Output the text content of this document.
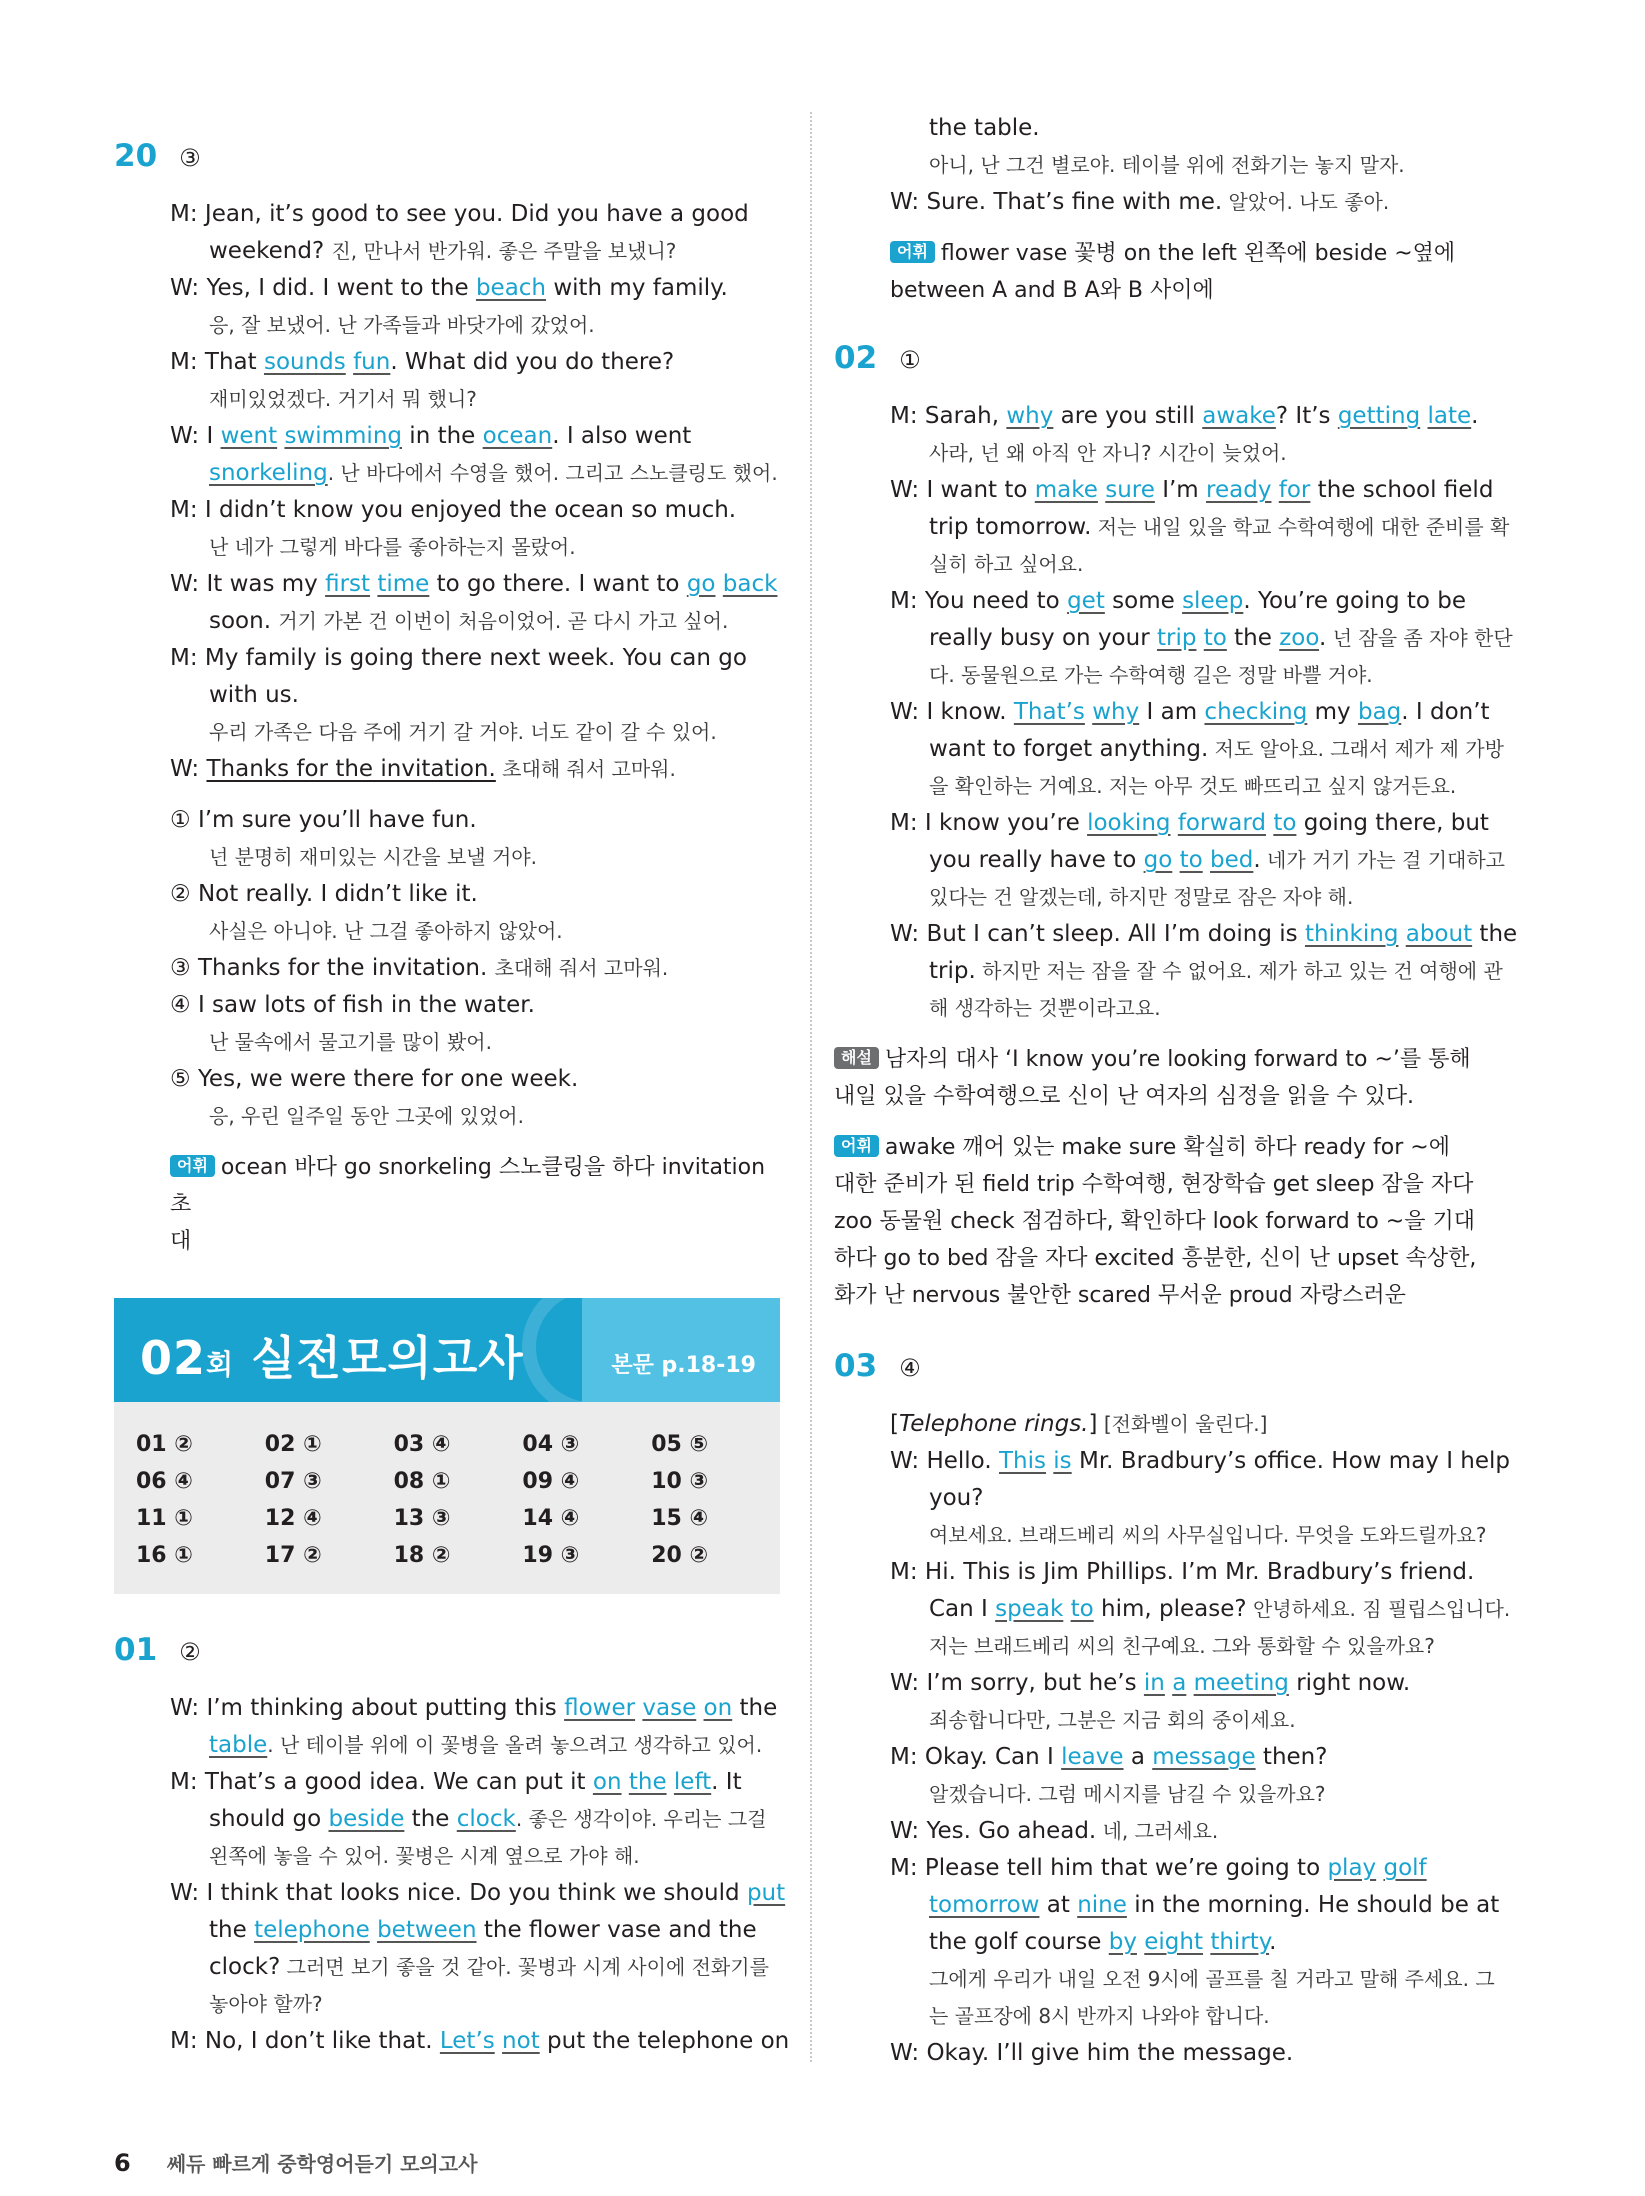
20 ③
M: Jean, it’s good to see you. Did you have a good
weekend? 진, 만나서 반가워. 좋은 주말을 보냈니?
W: Yes, I did. I went to the beach with my family.
응, 잘 보냈어. 난 가족들과 바닷가에 갔었어.
M: That sounds fun. What did you do there?
재미있었겠다. 거기서 뭐 했니?
W: I went swimming in the ocean. I also went
snorkeling. 난 바다에서 수영을 했어. 그리고 스노클링도 했어.
M: I didn’t know you enjoyed the ocean so much.
난 네가 그렇게 바다를 좋아하는지 몰랐어.
W: It was my first time to go there. I want to go back
soon. 거기 가본 건 이번이 처음이었어. 곧 다시 가고 싶어.
M: My family is going there next week. You can go
with us.
우리 가족은 다음 주에 거기 갈 거야. 너도 같이 갈 수 있어.
W: Thanks for the invitation. 초대해 줘서 고마워.
① I’m sure you’ll have fun.
넌 분명히 재미있는 시간을 보낼 거야.
② Not really. I didn’t like it.
사실은 아니야. 난 그걸 좋아하지 않았어.
③ Thanks for the invitation. 초대해 줘서 고마워.
④ I saw lots of fish in the water.
난 물속에서 물고기를 많이 봤어.
⑤ Yes, we were there for one week.
응, 우린 일주일 동안 그곳에 있었어.
어휘 ocean 바다 go snorkeling 스노클링을 하다 invitation 초
대
02회 실전모의고사	본문 p.18-19
01 ②	02 ①	03 ④	04 ③	05 ⑤
06 ④	07 ③	08 ①	09 ④	10 ③
11 ①	12 ④	13 ③	14 ④	15 ④
16 ①	17 ②	18 ②	19 ③	20 ②
01 ②
W: I’m thinking about putting this flower vase on the
table. 난 테이블 위에 이 꽃병을 올려 놓으려고 생각하고 있어.
M: That’s a good idea. We can put it on the left. It
should go beside the clock. 좋은 생각이야. 우리는 그걸
왼쪽에 놓을 수 있어. 꽃병은 시계 옆으로 가야 해.
W: I think that looks nice. Do you think we should put
the telephone between the flower vase and the
clock? 그러면 보기 좋을 것 같아. 꽃병과 시계 사이에 전화기를
놓아야 할까?
M: No, I don’t like that. Let’s not put the telephone on
the table.
아니, 난 그건 별로야. 테이블 위에 전화기는 놓지 말자.
W: Sure. That’s fine with me. 알았어. 나도 좋아.
어휘 flower vase 꽃병 on the left 왼쪽에 beside ~옆에
between A and B A와 B 사이에
02 ①
M: Sarah, why are you still awake? It’s getting late.
사라, 넌 왜 아직 안 자니? 시간이 늦었어.
W: I want to make sure I’m ready for the school field
trip tomorrow. 저는 내일 있을 학교 수학여행에 대한 준비를 확
실히 하고 싶어요.
M: You need to get some sleep. You’re going to be
really busy on your trip to the zoo. 넌 잠을 좀 자야 한단
다. 동물원으로 가는 수학여행 길은 정말 바쁠 거야.
W: I know. That’s why I am checking my bag. I don’t
want to forget anything. 저도 알아요. 그래서 제가 제 가방
을 확인하는 거예요. 저는 아무 것도 빠뜨리고 싶지 않거든요.
M: I know you’re looking forward to going there, but
you really have to go to bed. 네가 거기 가는 걸 기대하고
있다는 건 알겠는데, 하지만 정말로 잠은 자야 해.
W: But I can’t sleep. All I’m doing is thinking about the
trip. 하지만 저는 잠을 잘 수 없어요. 제가 하고 있는 건 여행에 관
해 생각하는 것뿐이라고요.
해설 남자의 대사 ‘I know you’re looking forward to ~’를 통해
내일 있을 수학여행으로 신이 난 여자의 심정을 읽을 수 있다.
어휘 awake 깨어 있는 make sure 확실히 하다 ready for ~에
대한 준비가 된 field trip 수학여행, 현장학습 get sleep 잠을 자다
zoo 동물원 check 점검하다, 확인하다 look forward to ~을 기대
하다 go to bed 잠을 자다 excited 흥분한, 신이 난 upset 속상한,
화가 난 nervous 불안한 scared 무서운 proud 자랑스러운
03 ④
[Telephone rings.] [전화벨이 울린다.]
W: Hello. This is Mr. Bradbury’s office. How may I help
you?
여보세요. 브래드베리 씨의 사무실입니다. 무엇을 도와드릴까요?
M: Hi. This is Jim Phillips. I’m Mr. Bradbury’s friend.
Can I speak to him, please? 안녕하세요. 짐 필립스입니다.
저는 브래드베리 씨의 친구예요. 그와 통화할 수 있을까요?
W: I’m sorry, but he’s in a meeting right now.
죄송합니다만, 그분은 지금 회의 중이세요.
M: Okay. Can I leave a message then?
알겠습니다. 그럼 메시지를 남길 수 있을까요?
W: Yes. Go ahead. 네, 그러세요.
M: Please tell him that we’re going to play golf
tomorrow at nine in the morning. He should be at
the golf course by eight thirty.
그에게 우리가 내일 오전 9시에 골프를 칠 거라고 말해 주세요. 그
는 골프장에 8시 반까지 나와야 합니다.
W: Okay. I’ll give him the message.
6 쎄듀 빠르게 중학영어듣기 모의고사
